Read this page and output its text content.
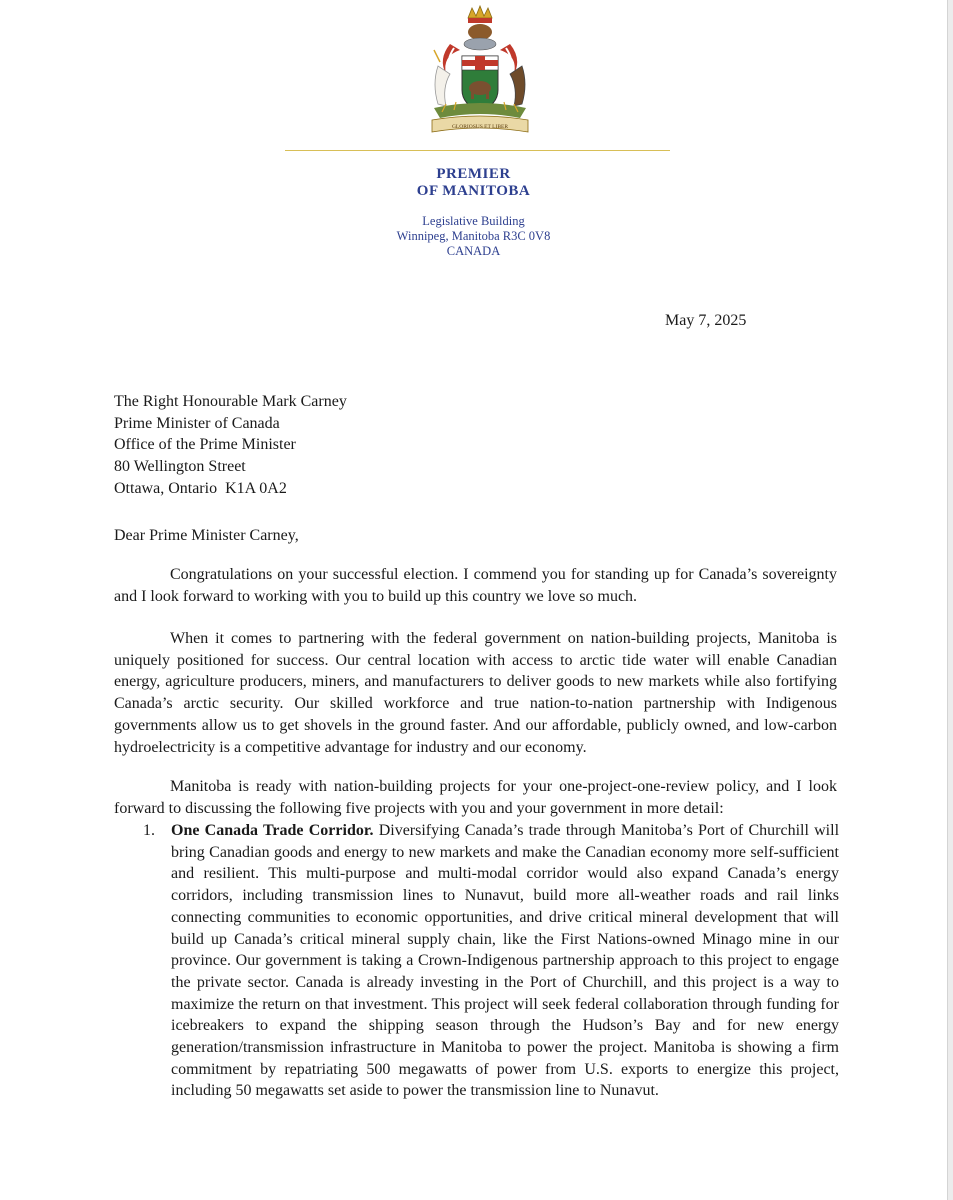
GLORIOSUS ET LIBER
PREMIER
OF MANITOBA
Legislative Building
Winnipeg, Manitoba R3C 0V8
CANADA
May 7, 2025
The Right Honourable Mark Carney
Prime Minister of Canada
Office of the Prime Minister
80 Wellington Street
Ottawa, Ontario  K1A 0A2
Dear Prime Minister Carney,

Congratulations on your successful election. I commend you for standing up for Canada’s sovereignty and I look forward to working with you to build up this country we love so much.

When it comes to partnering with the federal government on nation-building projects, Manitoba is uniquely positioned for success. Our central location with access to arctic tide water will enable Canadian energy, agriculture producers, miners, and manufacturers to deliver goods to new markets while also fortifying Canada’s arctic security. Our skilled workforce and true nation-to-nation partnership with Indigenous governments allow us to get shovels in the ground faster. And our affordable, publicly owned, and low-carbon hydroelectricity is a competitive advantage for industry and our economy.

Manitoba is ready with nation-building projects for your one-project-one-review policy, and I look forward to discussing the following five projects with you and your government in more detail:

1. One Canada Trade Corridor. Diversifying Canada’s trade through Manitoba’s Port of Churchill will bring Canadian goods and energy to new markets and make the Canadian economy more self-sufficient and resilient. This multi-purpose and multi-modal corridor would also expand Canada’s energy corridors, including transmission lines to Nunavut, build more all-weather roads and rail links connecting communities to economic opportunities, and drive critical mineral development that will build up Canada’s critical mineral supply chain, like the First Nations-owned Minago mine in our province. Our government is taking a Crown-Indigenous partnership approach to this project to engage the private sector. Canada is already investing in the Port of Churchill, and this project is a way to maximize the return on that investment. This project will seek federal collaboration through funding for icebreakers to expand the shipping season through the Hudson’s Bay and for new energy generation/transmission infrastructure in Manitoba to power the project. Manitoba is showing a firm commitment by repatriating 500 megawatts of power from U.S. exports to energize this project, including 50 megawatts set aside to power the transmission line to Nunavut.
